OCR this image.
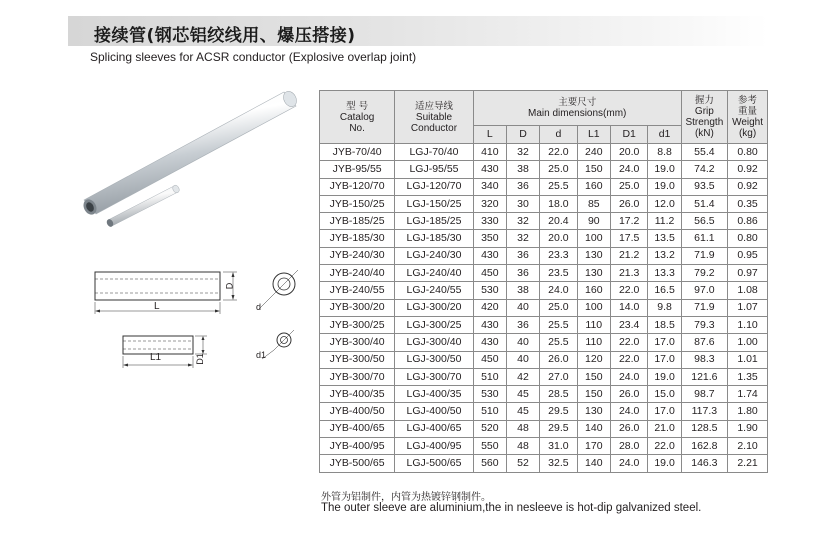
接续管(钢芯铝绞线用、爆压搭接)
Splicing sleeves for ACSR conductor (Explosive overlap joint)
L
D
d
L1	D1	d1
型 号
Catalog
No.	适应导线
Suitable
Conductor	主要尺寸
Main dimensions(mm)						握力
Grip
Strength
(kN)	参考
重量
Weight
(kg)

		L	D	d	L1	D1	d1		
JYB-70/40	LGJ-70/40	410	32	22.0	240	20.0	8.8	55.4	0.80
JYB-95/55	LGJ-95/55	430	38	25.0	150	24.0	19.0	74.2	0.92
JYB-120/70	LGJ-120/70	340	36	25.5	160	25.0	19.0	93.5	0.92
JYB-150/25	LGJ-150/25	320	30	18.0	85	26.0	12.0	51.4	0.35
JYB-185/25	LGJ-185/25	330	32	20.4	90	17.2	11.2	56.5	0.86
JYB-185/30	LGJ-185/30	350	32	20.0	100	17.5	13.5	61.1	0.80
JYB-240/30	LGJ-240/30	430	36	23.3	130	21.2	13.2	71.9	0.95
JYB-240/40	LGJ-240/40	450	36	23.5	130	21.3	13.3	79.2	0.97
JYB-240/55	LGJ-240/55	530	38	24.0	160	22.0	16.5	97.0	1.08
JYB-300/20	LGJ-300/20	420	40	25.0	100	14.0	9.8	71.9	1.07
JYB-300/25	LGJ-300/25	430	36	25.5	110	23.4	18.5	79.3	1.10
JYB-300/40	LGJ-300/40	430	40	25.5	110	22.0	17.0	87.6	1.00
JYB-300/50	LGJ-300/50	450	40	26.0	120	22.0	17.0	98.3	1.01
JYB-300/70	LGJ-300/70	510	42	27.0	150	24.0	19.0	121.6	1.35
JYB-400/35	LGJ-400/35	530	45	28.5	150	26.0	15.0	98.7	1.74
JYB-400/50	LGJ-400/50	510	45	29.5	130	24.0	17.0	117.3	1.80
JYB-400/65	LGJ-400/65	520	48	29.5	140	26.0	21.0	128.5	1.90
JYB-400/95	LGJ-400/95	550	48	31.0	170	28.0	22.0	162.8	2.10
JYB-500/65	LGJ-500/65	560	52	32.5	140	24.0	19.0	146.3	2.21
外管为铝制件，内管为热镀锌钢制件。
The outer sleeve are aluminium,the in nesleeve is hot-dip galvanized steel.
